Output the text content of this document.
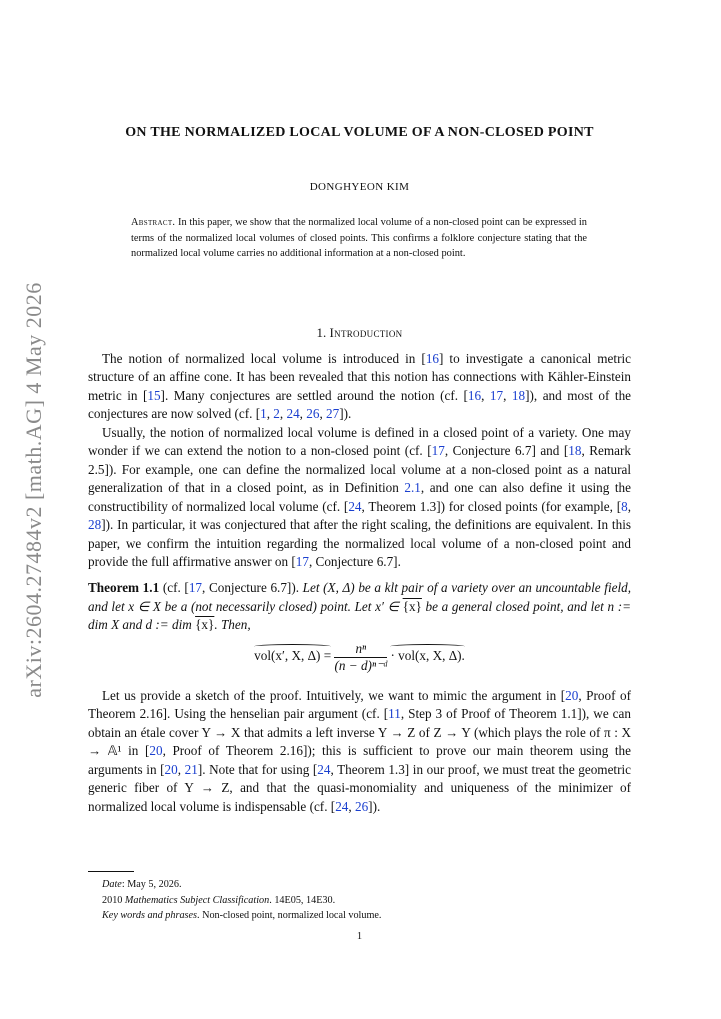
arXiv:2604.27484v2 [math.AG] 4 May 2026
ON THE NORMALIZED LOCAL VOLUME OF A NON-CLOSED POINT
DONGHYEON KIM
Abstract. In this paper, we show that the normalized local volume of a non-closed point can be expressed in terms of the normalized local volumes of closed points. This confirms a folklore conjecture stating that the normalized local volume carries no additional information at a non-closed point.
1. Introduction

The notion of normalized local volume is introduced in [16] to investigate a canonical metric structure of an affine cone. It has been revealed that this notion has connections with Kähler-Einstein metric in [15]. Many conjectures are settled around the notion (cf. [16, 17, 18]), and most of the conjectures are now solved (cf. [1, 2, 24, 26, 27]).

Usually, the notion of normalized local volume is defined in a closed point of a variety. One may wonder if we can extend the notion to a non-closed point (cf. [17, Conjecture 6.7] and [18, Remark 2.5]). For example, one can define the normalized local volume at a non-closed point as a natural generalization of that in a closed point, as in Definition 2.1, and one can also define it using the constructibility of normalized local volume (cf. [24, Theorem 1.3]) for closed points (for example, [8, 28]). In particular, it was conjectured that after the right scaling, the definitions are equivalent. In this paper, we confirm the intuition regarding the normalized local volume of a non-closed point and provide the full affirmative answer on [17, Conjecture 6.7].

Theorem 1.1 (cf. [17, Conjecture 6.7]). Let (X, Δ) be a klt pair of a variety over an uncountable field, and let x ∈ X be a (not necessarily closed) point. Let x′ ∈ {x} be a general closed point, and let n := dim X and d := dim {x}. Then,

vol(x′, X, $\Delta) = \frac{\text{nⁿ}}{\text{(n − d)ⁿ⁻ᵈ}} \cdot vol(x$, X, Δ).

Let us provide a sketch of the proof. Intuitively, we want to mimic the argument in [20, Proof of Theorem 2.16]. Using the henselian pair argument (cf. [11, Step 3 of Proof of Theorem 1.1]), we can obtain an étale cover Y → X that admits a left inverse Y → Z of Z → Y (which plays the role of π : X → 𝔸¹ in [20, Proof of Theorem 2.16]); this is sufficient to prove our main theorem using the arguments in [20, 21]. Note that for using [24, Theorem 1.3] in our proof, we must treat the geometric generic fiber of Y → Z, and that the quasi-monomiality and uniqueness of the minimizer of normalized local volume is indispensable (cf. [24, 26]).

Date: May 5, 2026.
2010 Mathematics Subject Classification. 14E05, 14E30.
Key words and phrases. Non-closed point, normalized local volume.
1
